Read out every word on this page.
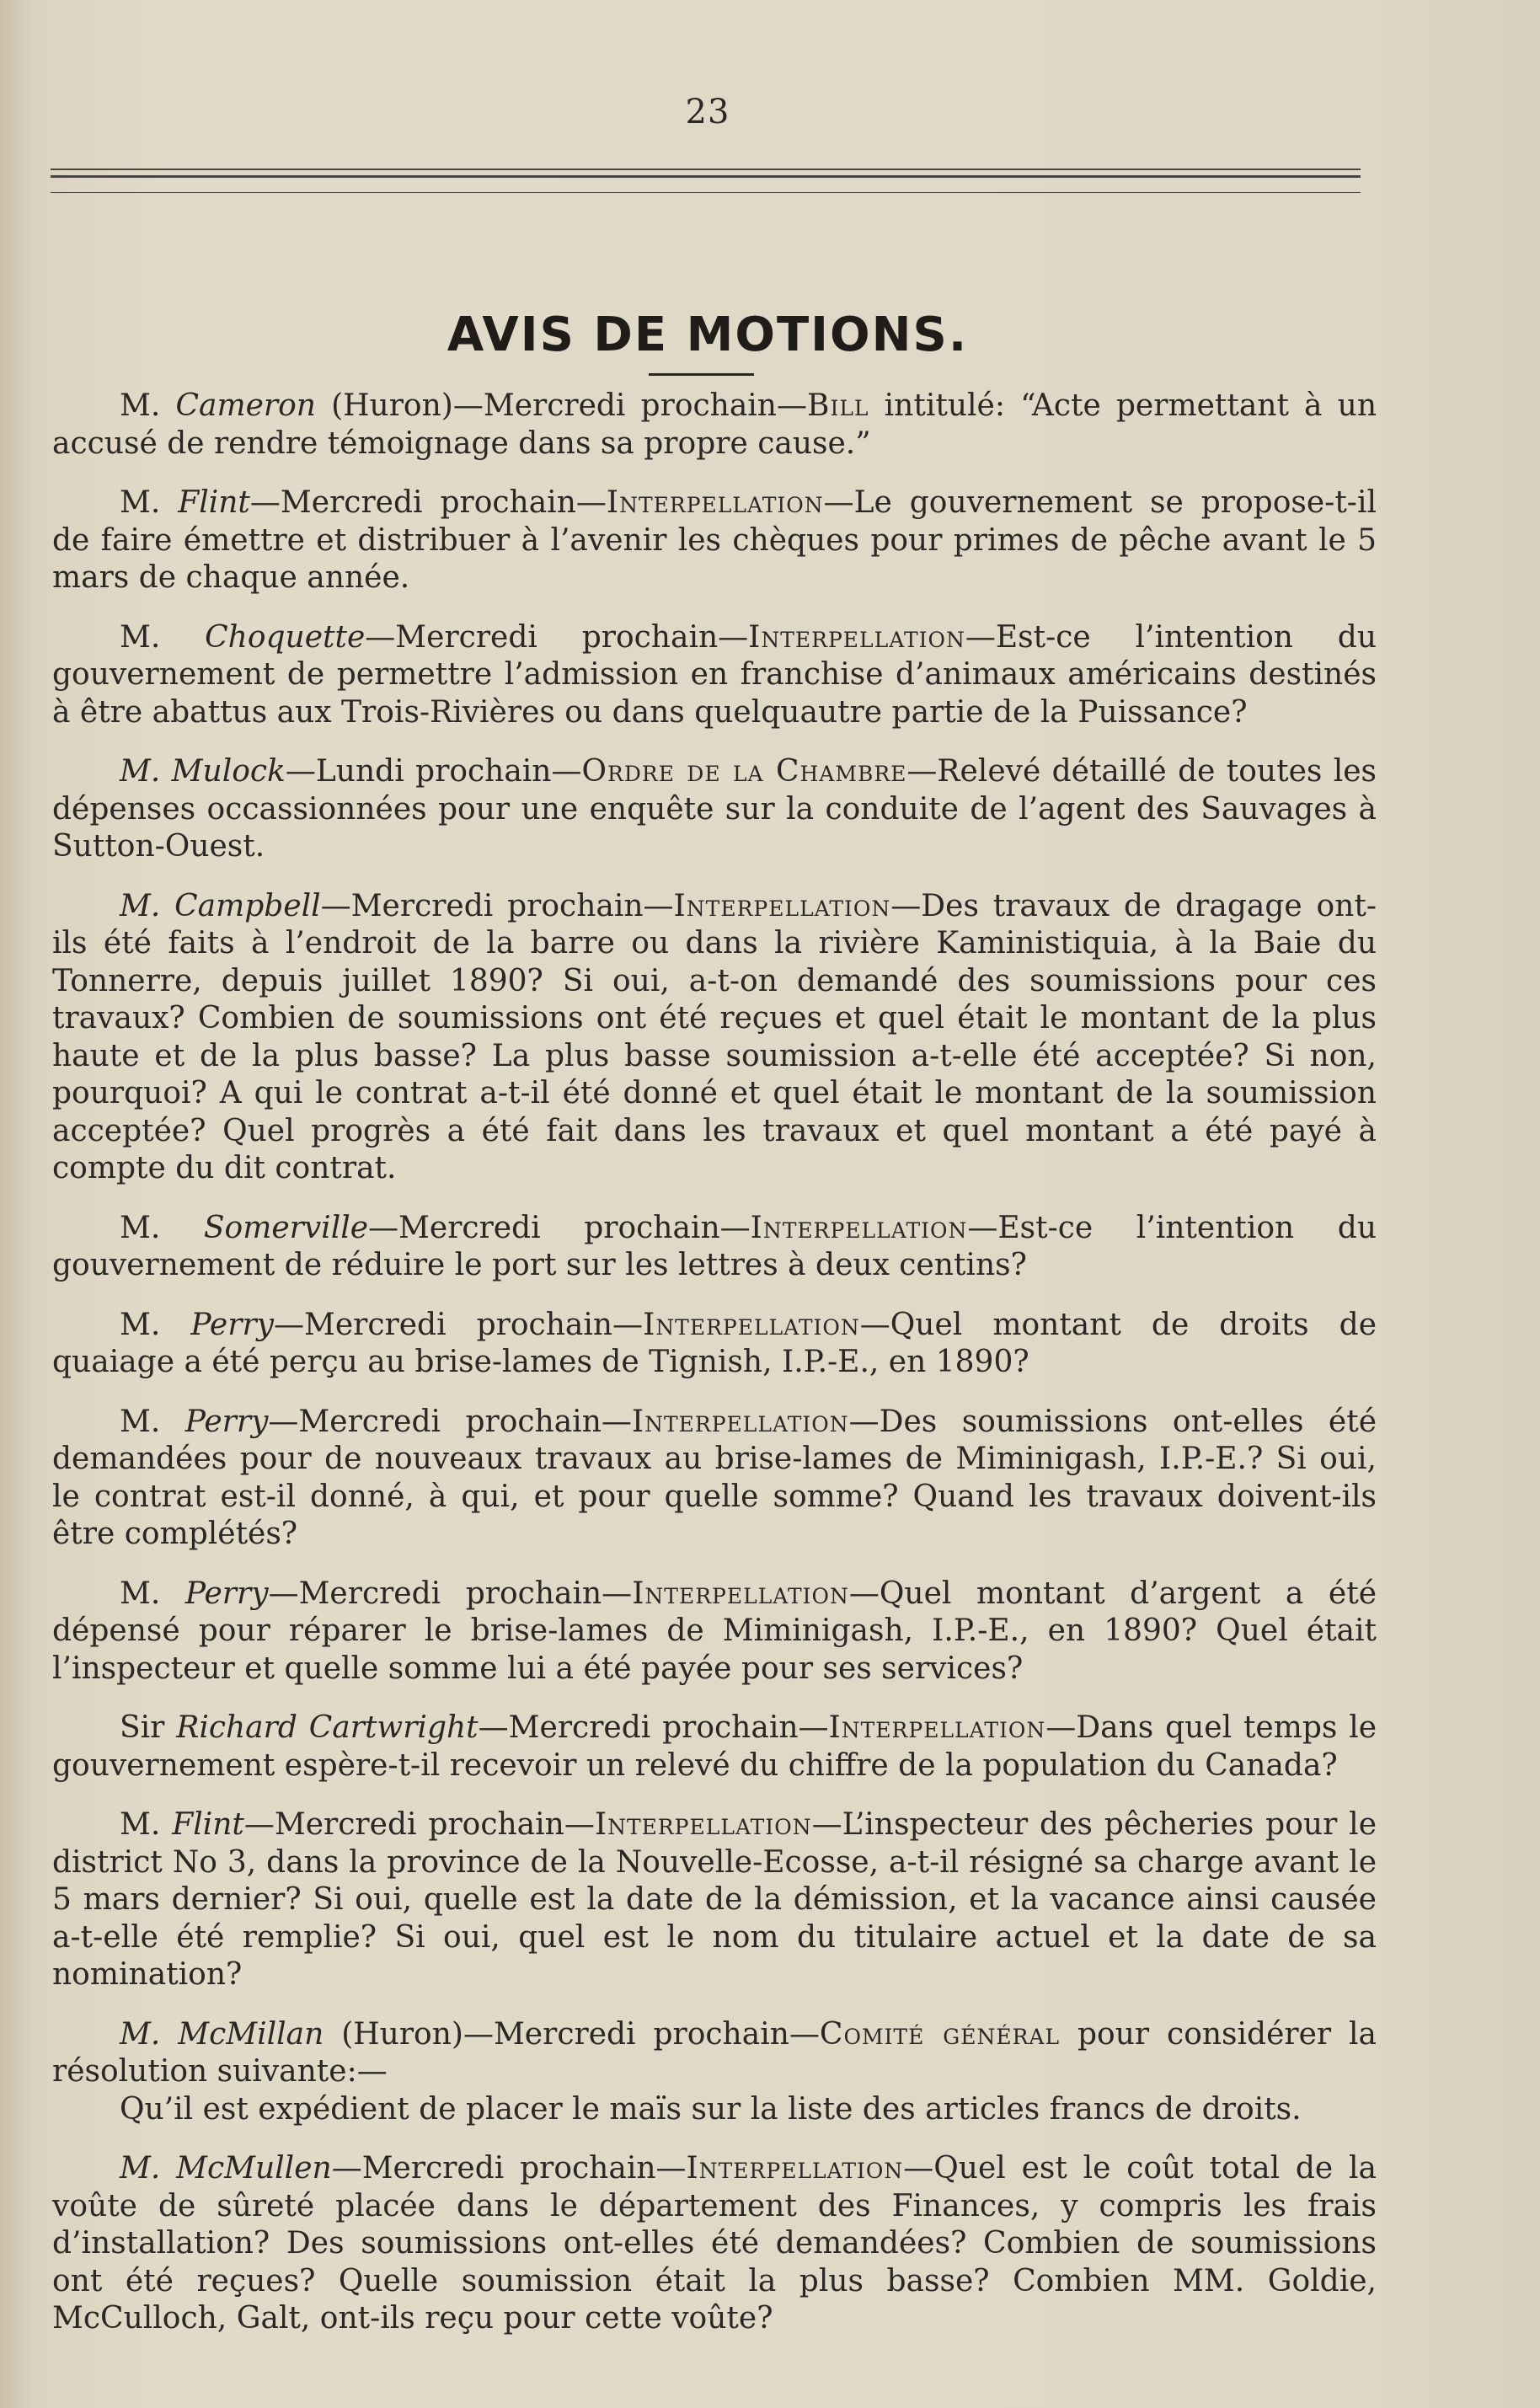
23
AVIS DE MOTIONS.

M. Cameron (Huron)—Mercredi prochain—Bill intitulé: “Acte permettant à un accusé de rendre témoignage dans sa propre cause.”

M. Flint—Mercredi prochain—Interpellation—Le gouvernement se propose-t-il de faire émettre et distribuer à l’avenir les chèques pour primes de pêche avant le 5 mars de chaque année.

M. Choquette—Mercredi prochain—Interpellation—Est-ce l’intention du gouvernement de permettre l’admission en franchise d’animaux américains destinés à être abattus aux Trois-Rivières ou dans quelquautre partie de la Puissance?

M. Mulock—Lundi prochain—Ordre de la Chambre—Relevé détaillé de toutes les dépenses occassionnées pour une enquête sur la conduite de l’agent des Sauvages à Sutton-Ouest.

M. Campbell—Mercredi prochain—Interpellation—Des travaux de dragage ont-ils été faits à l’endroit de la barre ou dans la rivière Kaministiquia, à la Baie du Tonnerre, depuis juillet 1890? Si oui, a-t-on demandé des soumissions pour ces travaux? Combien de soumissions ont été reçues et quel était le montant de la plus haute et de la plus basse? La plus basse soumission a-t-elle été acceptée? Si non, pourquoi? A qui le contrat a-t-il été donné et quel était le montant de la soumission acceptée? Quel progrès a été fait dans les travaux et quel montant a été payé à compte du dit contrat.

M. Somerville—Mercredi prochain—Interpellation—Est-ce l’intention du gouvernement de réduire le port sur les lettres à deux centins?

M. Perry—Mercredi prochain—Interpellation—Quel montant de droits de quaiage a été perçu au brise-lames de Tignish, I.P.-E., en 1890?

M. Perry—Mercredi prochain—Interpellation—Des soumissions ont-elles été demandées pour de nouveaux travaux au brise-lames de Miminigash, I.P.-E.? Si oui, le contrat est-il donné, à qui, et pour quelle somme? Quand les travaux doivent-ils être complétés?

M. Perry—Mercredi prochain—Interpellation—Quel montant d’argent a été dépensé pour réparer le brise-lames de Miminigash, I.P.-E., en 1890? Quel était l’inspecteur et quelle somme lui a été payée pour ses services?

Sir Richard Cartwright—Mercredi prochain—Interpellation—Dans quel temps le gouvernement espère-t-il recevoir un relevé du chiffre de la population du Canada?

M. Flint—Mercredi prochain—Interpellation—L’inspecteur des pêcheries pour le district No 3, dans la province de la Nouvelle-Ecosse, a-t-il résigné sa charge avant le 5 mars dernier? Si oui, quelle est la date de la démission, et la vacance ainsi causée a-t-elle été remplie? Si oui, quel est le nom du titulaire actuel et la date de sa nomination?

M. McMillan (Huron)—Mercredi prochain—Comité général pour considérer la résolution suivante:—

Qu’il est expédient de placer le maïs sur la liste des articles francs de droits.

M. McMullen—Mercredi prochain—Interpellation—Quel est le coût total de la voûte de sûreté placée dans le département des Finances, y compris les frais d’installation? Des soumissions ont-elles été demandées? Combien de soumissions ont été reçues? Quelle soumission était la plus basse? Combien MM. Goldie, McCulloch, Galt, ont-ils reçu pour cette voûte?
